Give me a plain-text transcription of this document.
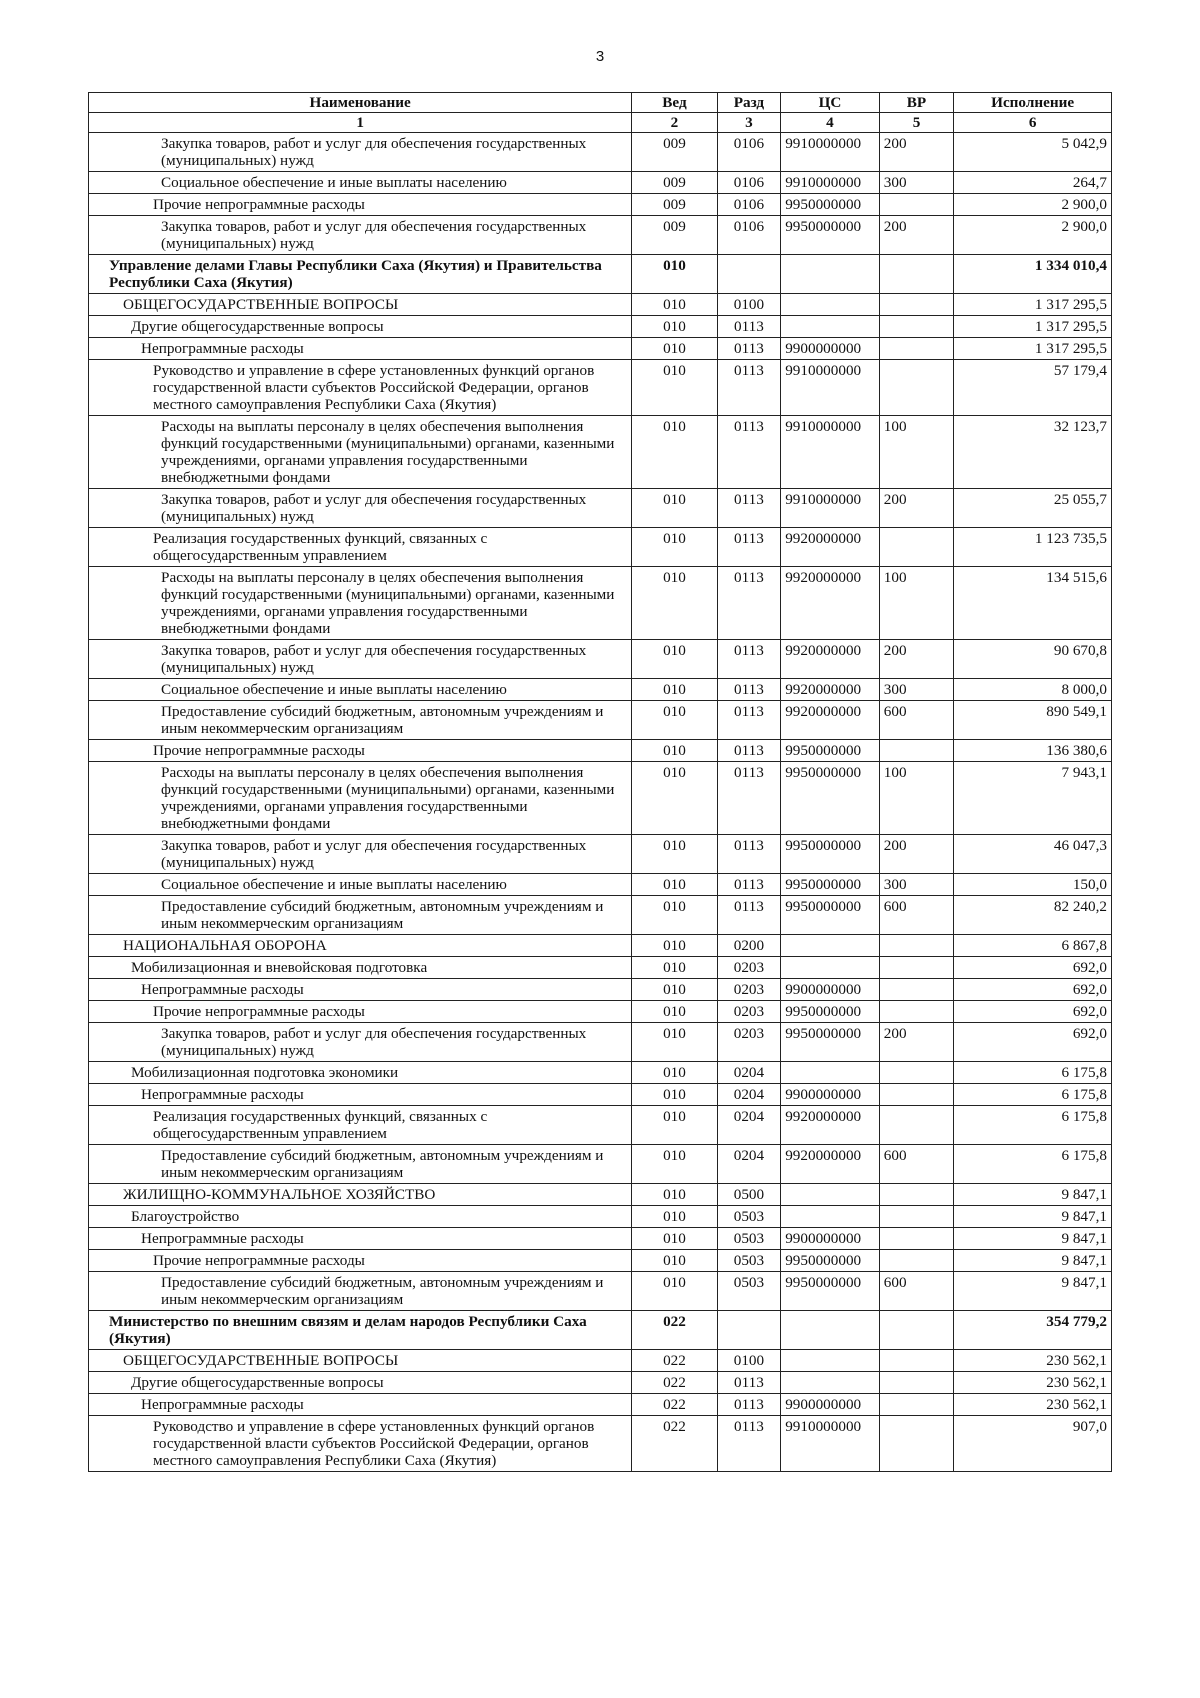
3
Наименование	Вед	Разд	ЦС	ВР	Исполнение
1	2	3	4	5	6
Закупка товаров, работ и услуг для обеспечения государственных (муниципальных) нужд	009	0106	9910000000	200	5 042,9
Социальное обеспечение и иные выплаты населению	009	0106	9910000000	300	264,7
Прочие непрограммные расходы	009	0106	9950000000		2 900,0
Закупка товаров, работ и услуг для обеспечения государственных (муниципальных) нужд	009	0106	9950000000	200	2 900,0
Управление делами Главы Республики Саха (Якутия) и Правительства Республики Саха (Якутия)	010				1 334 010,4
ОБЩЕГОСУДАРСТВЕННЫЕ ВОПРОСЫ	010	0100			1 317 295,5
Другие общегосударственные вопросы	010	0113			1 317 295,5
Непрограммные расходы	010	0113	9900000000		1 317 295,5
Руководство и управление в сфере установленных функций органов государственной власти субъектов Российской Федерации, органов местного самоуправления Республики Саха (Якутия)	010	0113	9910000000		57 179,4
Расходы на выплаты персоналу в целях обеспечения выполнения функций государственными (муниципальными) органами, казенными учреждениями, органами управления государственными внебюджетными фондами	010	0113	9910000000	100	32 123,7
Закупка товаров, работ и услуг для обеспечения государственных (муниципальных) нужд	010	0113	9910000000	200	25 055,7
Реализация государственных функций, связанных с общегосударственным управлением	010	0113	9920000000		1 123 735,5
Расходы на выплаты персоналу в целях обеспечения выполнения функций государственными (муниципальными) органами, казенными учреждениями, органами управления государственными внебюджетными фондами	010	0113	9920000000	100	134 515,6
Закупка товаров, работ и услуг для обеспечения государственных (муниципальных) нужд	010	0113	9920000000	200	90 670,8
Социальное обеспечение и иные выплаты населению	010	0113	9920000000	300	8 000,0
Предоставление субсидий бюджетным, автономным учреждениям и иным некоммерческим организациям	010	0113	9920000000	600	890 549,1
Прочие непрограммные расходы	010	0113	9950000000		136 380,6
Расходы на выплаты персоналу в целях обеспечения выполнения функций государственными (муниципальными) органами, казенными учреждениями, органами управления государственными внебюджетными фондами	010	0113	9950000000	100	7 943,1
Закупка товаров, работ и услуг для обеспечения государственных (муниципальных) нужд	010	0113	9950000000	200	46 047,3
Социальное обеспечение и иные выплаты населению	010	0113	9950000000	300	150,0
Предоставление субсидий бюджетным, автономным учреждениям и иным некоммерческим организациям	010	0113	9950000000	600	82 240,2
НАЦИОНАЛЬНАЯ ОБОРОНА	010	0200			6 867,8
Мобилизационная и вневойсковая подготовка	010	0203			692,0
Непрограммные расходы	010	0203	9900000000		692,0
Прочие непрограммные расходы	010	0203	9950000000		692,0
Закупка товаров, работ и услуг для обеспечения государственных (муниципальных) нужд	010	0203	9950000000	200	692,0
Мобилизационная подготовка экономики	010	0204			6 175,8
Непрограммные расходы	010	0204	9900000000		6 175,8
Реализация государственных функций, связанных с общегосударственным управлением	010	0204	9920000000		6 175,8
Предоставление субсидий бюджетным, автономным учреждениям и иным некоммерческим организациям	010	0204	9920000000	600	6 175,8
ЖИЛИЩНО-КОММУНАЛЬНОЕ ХОЗЯЙСТВО	010	0500			9 847,1
Благоустройство	010	0503			9 847,1
Непрограммные расходы	010	0503	9900000000		9 847,1
Прочие непрограммные расходы	010	0503	9950000000		9 847,1
Предоставление субсидий бюджетным, автономным учреждениям и иным некоммерческим организациям	010	0503	9950000000	600	9 847,1
Министерство по внешним связям и делам народов Республики Саха (Якутия)	022				354 779,2
ОБЩЕГОСУДАРСТВЕННЫЕ ВОПРОСЫ	022	0100			230 562,1
Другие общегосударственные вопросы	022	0113			230 562,1
Непрограммные расходы	022	0113	9900000000		230 562,1
Руководство и управление в сфере установленных функций органов государственной власти субъектов Российской Федерации, органов местного самоуправления Республики Саха (Якутия)	022	0113	9910000000		907,0
